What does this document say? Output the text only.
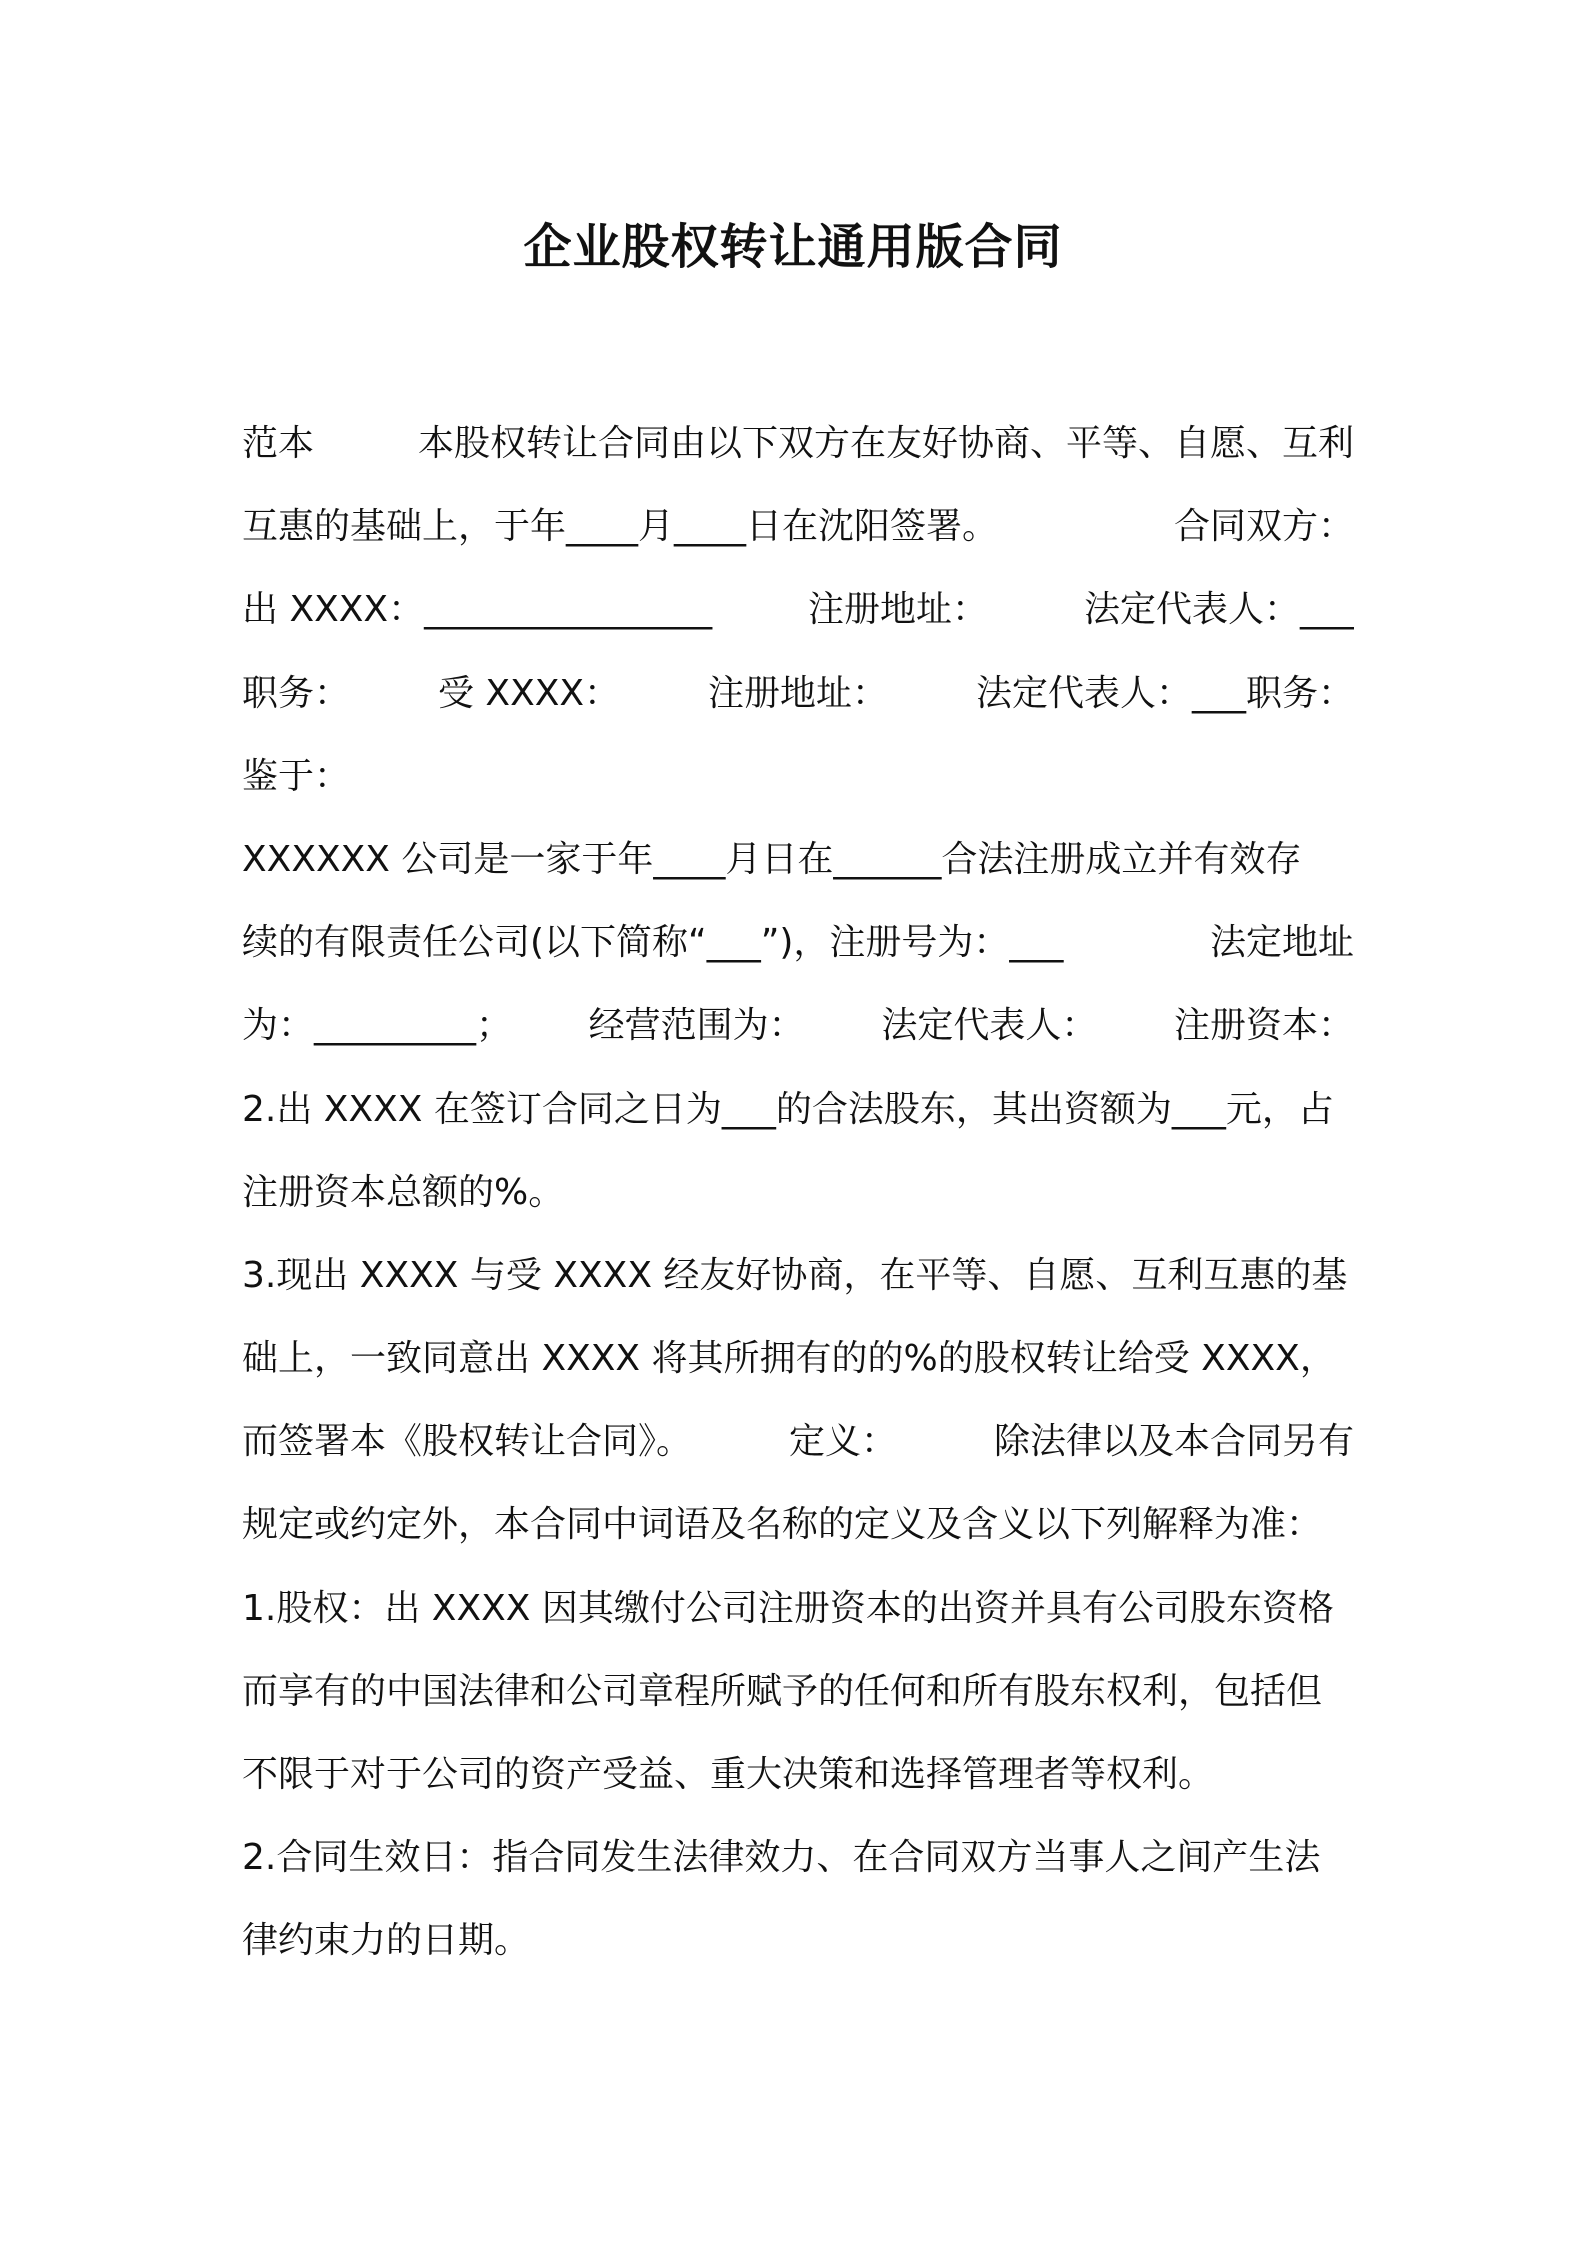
企业股权转让通用版合同
范本	本股权转让合同由以下双方在友好协商、平等、自愿、互利
互惠的基础上，于年____月____日在沈阳签署。	合同双方：
出 XXXX：________________	注册地址：	法定代表人：___
职务： 受 XXXX： 注册地址： 法定代表人：___职务：
鉴于：
XXXXXX 公司是一家于年____月日在______合法注册成立并有效存
续的有限责任公司(以下简称“___”)，注册号为：___	法定地址
为：_________； 经营范围为： 法定代表人： 注册资本：
2.出 XXXX 在签订合同之日为___的合法股东，其出资额为___元，占
注册资本总额的%。
3.现出 XXXX 与受 XXXX 经友好协商，在平等、自愿、互利互惠的基
础上，一致同意出 XXXX 将其所拥有的的%的股权转让给受 XXXX，
而签署本《股权转让合同》。	定义：	除法律以及本合同另有
规定或约定外，本合同中词语及名称的定义及含义以下列解释为准：
1.股权：出 XXXX 因其缴付公司注册资本的出资并具有公司股东资格
而享有的中国法律和公司章程所赋予的任何和所有股东权利，包括但
不限于对于公司的资产受益、重大决策和选择管理者等权利。
2.合同生效日：指合同发生法律效力、在合同双方当事人之间产生法
律约束力的日期。
